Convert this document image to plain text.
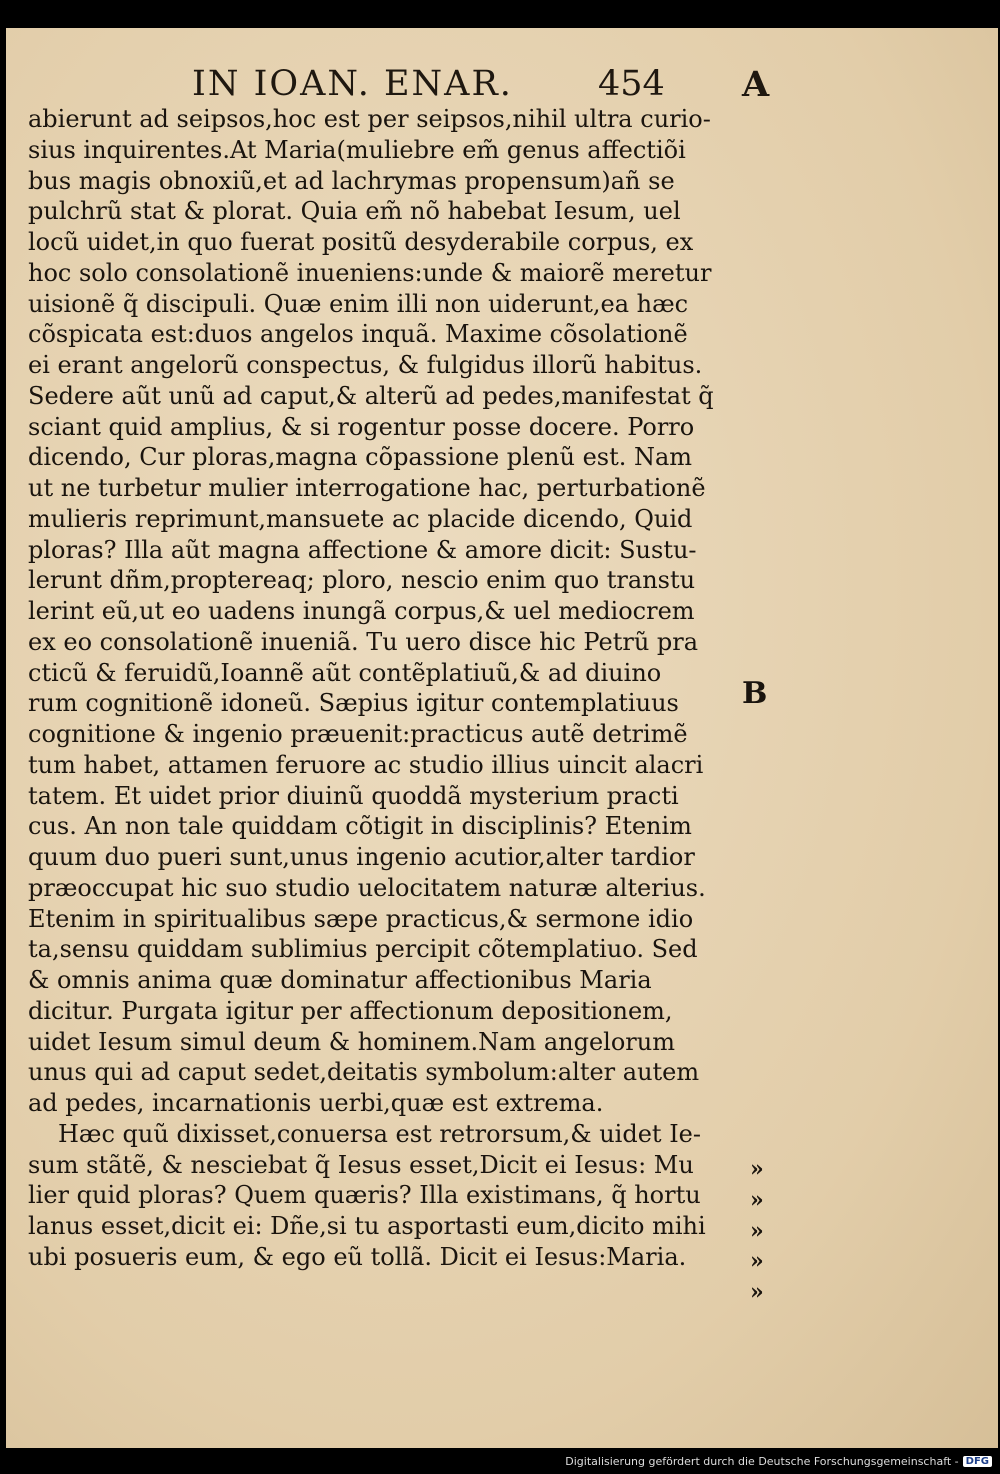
IN IOAN. ENAR. 454 A
abierunt ad seipsos,hoc est per seipsos,nihil ultra curio-
sius inquirentes.At Maria(muliebre em̃ genus affectiõi
bus magis obnoxiũ,et ad lachrymas propensum)añ se
pulchrũ stat & plorat. Quia em̃ nõ habebat Iesum, uel
locũ uidet,in quo fuerat positũ desyderabile corpus, ex
hoc solo consolationẽ inueniens:unde & maiorẽ meretur
uisionẽ q̃ discipuli. Quæ enim illi non uiderunt,ea hæc
cõspicata est:duos angelos inquã. Maxime cõsolationẽ
ei erant angelorũ conspectus, & fulgidus illorũ habitus.
Sedere aũt unũ ad caput,& alterũ ad pedes,manifestat q̃
sciant quid amplius, & si rogentur posse docere. Porro
dicendo, Cur ploras,magna cõpassione plenũ est. Nam
ut ne turbetur mulier interrogatione hac, perturbationẽ
mulieris reprimunt,mansuete ac placide dicendo, Quid
ploras? Illa aũt magna affectione & amore dicit: Sustu-
lerunt dñm,proptereaq; ploro, nescio enim quo transtu
lerint eũ,ut eo uadens inungã corpus,& uel mediocrem
ex eo consolationẽ inueniã. Tu uero disce hic Petrũ pra
cticũ & feruidũ,Ioannẽ aũt contẽplatiuũ,& ad diuino
rum cognitionẽ idoneũ. Sæpius igitur contemplatiuus
cognitione & ingenio præuenit:practicus autẽ detrimẽ
tum habet, attamen feruore ac studio illius uincit alacri
tatem. Et uidet prior diuinũ quoddã mysterium practi
cus. An non tale quiddam cõtigit in disciplinis? Etenim
quum duo pueri sunt,unus ingenio acutior,alter tardior
præoccupat hic suo studio uelocitatem naturæ alterius.
Etenim in spiritualibus sæpe practicus,& sermone idio
ta,sensu quiddam sublimius percipit cõtemplatiuo. Sed
& omnis anima quæ dominatur affectionibus Maria
dicitur. Purgata igitur per affectionum depositionem,
uidet Iesum simul deum & hominem.Nam angelorum
unus qui ad caput sedet,deitatis symbolum:alter autem
ad pedes, incarnationis uerbi,quæ est extrema.
Hæc quũ dixisset,conuersa est retrorsum,& uidet Ie-
sum stãtẽ, & nesciebat q̃ Iesus esset,Dicit ei Iesus: Mu
lier quid ploras? Quem quæris? Illa existimans, q̃ hortu
lanus esset,dicit ei: Dñe,si tu asportasti eum,dicito mihi
ubi posueris eum, & ego eũ tollã. Dicit ei Iesus:Maria.
B
»
»
»
»
»
Digitalisierung gefördert durch die Deutsche Forschungsgemeinschaft - DFG
